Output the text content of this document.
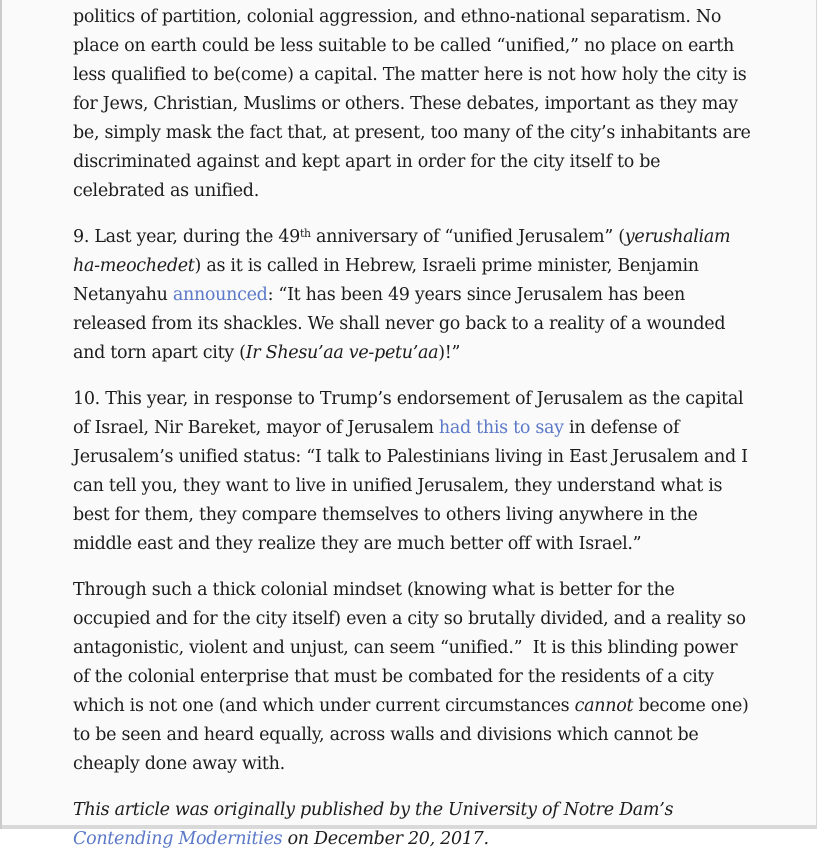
politics of partition, colonial aggression, and ethno-national separatism. No place on earth could be less suitable to be called “unified,” no place on earth less qualified to be(come) a capital. The matter here is not how holy the city is for Jews, Christian, Muslims or others. These debates, important as they may be, simply mask the fact that, at present, too many of the city’s inhabitants are discriminated against and kept apart in order for the city itself to be celebrated as unified.

9. Last year, during the 49th anniversary of “unified Jerusalem” (yerushaliam ha-meochedet) as it is called in Hebrew, Israeli prime minister, Benjamin Netanyahu announced: “It has been 49 years since Jerusalem has been released from its shackles. We shall never go back to a reality of a wounded and torn apart city (Ir Shesu’aa ve-petu’aa)!”

10. This year, in response to Trump’s endorsement of Jerusalem as the capital of Israel, Nir Bareket, mayor of Jerusalem had this to say in defense of Jerusalem’s unified status: “I talk to Palestinians living in East Jerusalem and I can tell you, they want to live in unified Jerusalem, they understand what is best for them, they compare themselves to others living anywhere in the middle east and they realize they are much better off with Israel.”

Through such a thick colonial mindset (knowing what is better for the occupied and for the city itself) even a city so brutally divided, and a reality so antagonistic, violent and unjust, can seem “unified.”  It is this blinding power of the colonial enterprise that must be combated for the residents of a city which is not one (and which under current circumstances cannot become one) to be seen and heard equally, across walls and divisions which cannot be cheaply done away with.

This article was originally published by the University of Notre Dam’s Contending Modernities on December 20, 2017.
